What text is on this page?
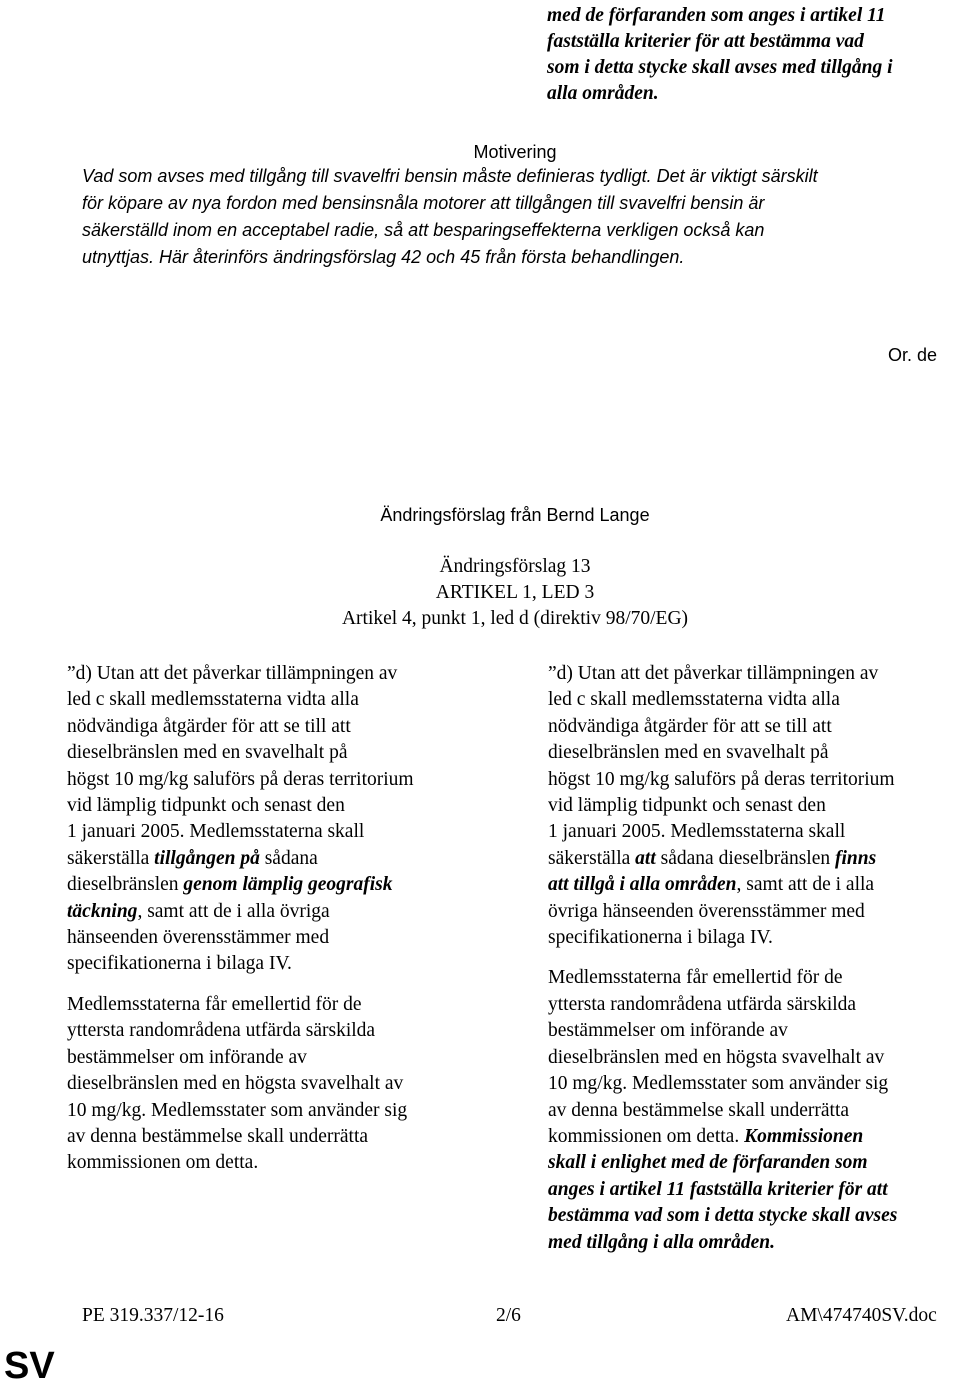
med de förfaranden som anges i artikel 11
fastställa kriterier för att bestämma vad
som i detta stycke skall avses med tillgång i
alla områden.
Motivering
Vad som avses med tillgång till svavelfri bensin måste definieras tydligt. Det är viktigt särskilt
för köpare av nya fordon med bensinsnåla motorer att tillgången till svavelfri bensin är
säkerställd inom en acceptabel radie, så att besparingseffekterna verkligen också kan
utnyttjas. Här återinförs ändringsförslag 42 och 45 från första behandlingen.
Or. de
Ändringsförslag från Bernd Lange
Ändringsförslag 13
ARTIKEL 1, LED 3
Artikel 4, punkt 1, led d (direktiv 98/70/EG)
”d) Utan att det påverkar tillämpningen av
led c skall medlemsstaterna vidta alla
nödvändiga åtgärder för att se till att
dieselbränslen med en svavelhalt på
högst 10 mg/kg saluförs på deras territorium
vid lämplig tidpunkt och senast den
1 januari 2005. Medlemsstaterna skall
säkerställa tillgången på sådana
dieselbränslen genom lämplig geografisk
täckning, samt att de i alla övriga
hänseenden överensstämmer med
specifikationerna i bilaga IV.
Medlemsstaterna får emellertid för de
yttersta randområdena utfärda särskilda
bestämmelser om införande av
dieselbränslen med en högsta svavelhalt av
10 mg/kg. Medlemsstater som använder sig
av denna bestämmelse skall underrätta
kommissionen om detta.
”d) Utan att det påverkar tillämpningen av
led c skall medlemsstaterna vidta alla
nödvändiga åtgärder för att se till att
dieselbränslen med en svavelhalt på
högst 10 mg/kg saluförs på deras territorium
vid lämplig tidpunkt och senast den
1 januari 2005. Medlemsstaterna skall
säkerställa att sådana dieselbränslen finns
att tillgå i alla områden, samt att de i alla
övriga hänseenden överensstämmer med
specifikationerna i bilaga IV.
Medlemsstaterna får emellertid för de
yttersta randområdena utfärda särskilda
bestämmelser om införande av
dieselbränslen med en högsta svavelhalt av
10 mg/kg. Medlemsstater som använder sig
av denna bestämmelse skall underrätta
kommissionen om detta. Kommissionen
skall i enlighet med de förfaranden som
anges i artikel 11 fastställa kriterier för att
bestämma vad som i detta stycke skall avses
med tillgång i alla områden.
PE 319.337/12-16	2/6	AM\474740SV.doc
SV
